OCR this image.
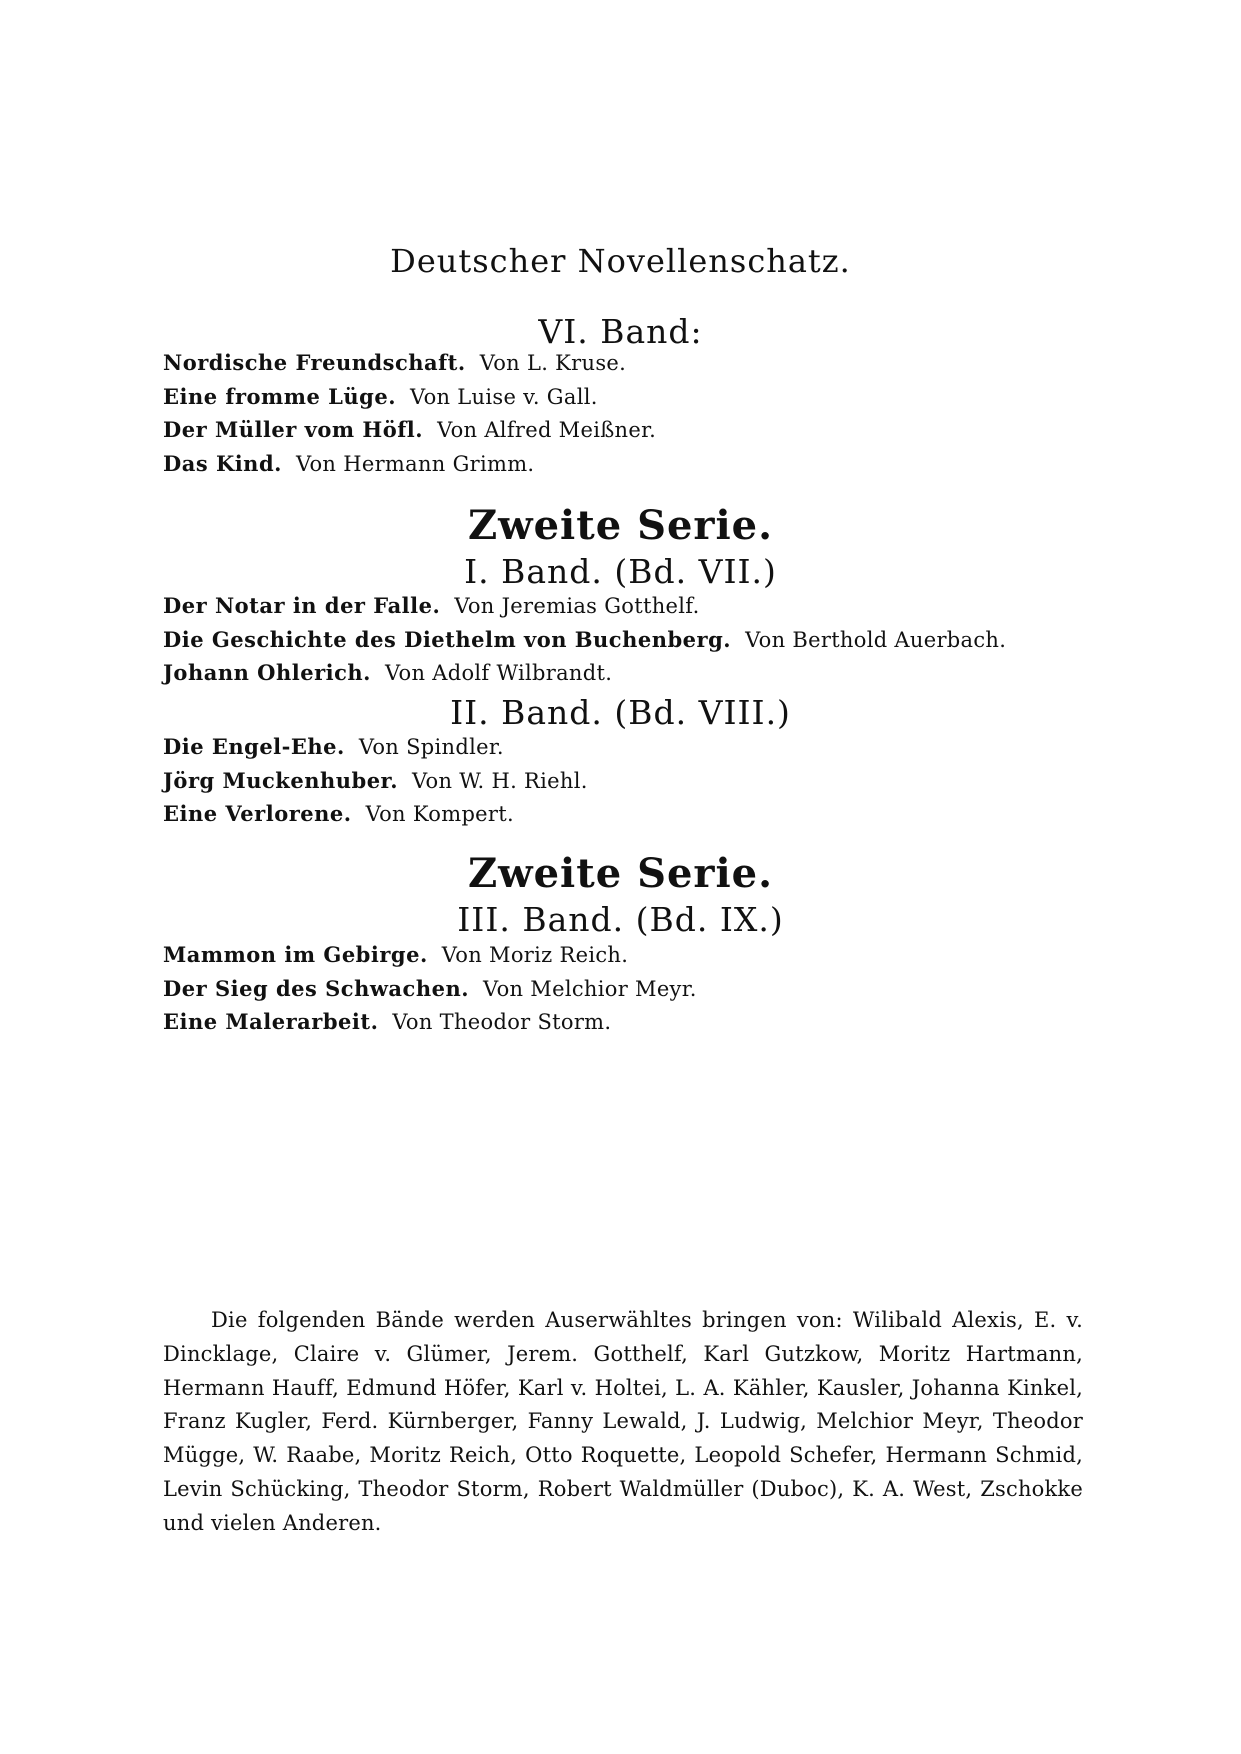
Deutscher Novellenschatz.
VI. Band:
Nordische Freundschaft. Von L. Kruse.
Eine fromme Lüge. Von Luise v. Gall.
Der Müller vom Höfl. Von Alfred Meißner.
Das Kind. Von Hermann Grimm.
Zweite Serie.
I. Band. (Bd. VII.)
Der Notar in der Falle. Von Jeremias Gotthelf.
Die Geschichte des Diethelm von Buchenberg. Von Berthold Auerbach.
Johann Ohlerich. Von Adolf Wilbrandt.
II. Band. (Bd. VIII.)
Die Engel-Ehe. Von Spindler.
Jörg Muckenhuber. Von W. H. Riehl.
Eine Verlorene. Von Kompert.
Zweite Serie.
III. Band. (Bd. IX.)
Mammon im Gebirge. Von Moriz Reich.
Der Sieg des Schwachen. Von Melchior Meyr.
Eine Malerarbeit. Von Theodor Storm.

Die folgenden Bände werden Auserwähltes bringen von: Wilibald Alexis, E. v. Dincklage, Claire v. Glümer, Jerem. Gotthelf, Karl Gutzkow, Moritz Hartmann, Hermann Hauff, Edmund Höfer, Karl v. Holtei, L. A. Kähler, Kausler, Johanna Kinkel, Franz Kugler, Ferd. Kürnberger, Fanny Lewald, J. Ludwig, Melchior Meyr, Theodor Mügge, W. Raabe, Moritz Reich, Otto Roquette, Leopold Schefer, Hermann Schmid, Levin Schücking, Theodor Storm, Robert Waldmüller (Duboc), K. A. West, Zschokke und vielen Anderen.
